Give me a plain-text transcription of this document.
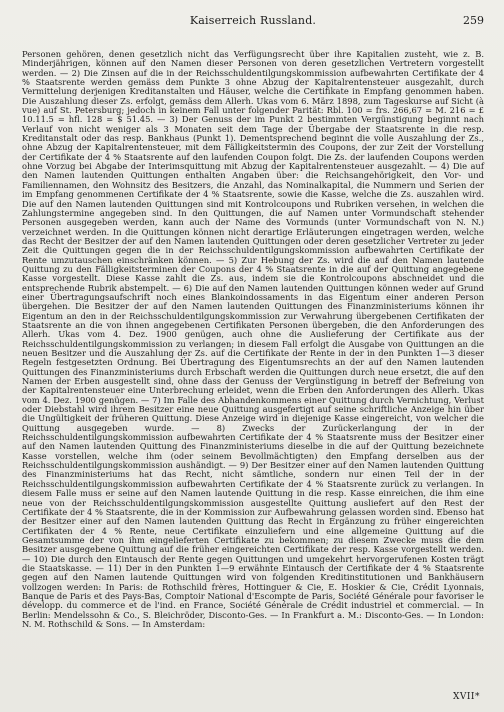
Kaiserreich Russland.	259

Personen gehören, denen gesetzlich nicht das Verfügungsrecht über ihre Kapitalien zusteht, wie z. B. Minderjährigen, können auf den Namen dieser Personen von deren gesetzlichen Vertretern vorgestellt werden. — 2) Die Zinsen auf die in der Reichsschuldentilgungskommission aufbewahrten Certifikate der 4 % Staatsrente werden gemäss dem Punkte 3 ohne Abzug der Kapitalrentensteuer ausgezahlt, durch Vermittelung derjenigen Kreditanstalten und Häuser, welche die Certifikate in Empfang genommen haben. Die Auszahlung dieser Zs. erfolgt, gemäss dem Allerh. Ukas vom 6. März 1898, zum Tageskurse auf Sicht (à vue) auf St. Petersburg; jedoch in keinem Fall unter folgender Parität: Rbl. 100 = frs. 266,67 = M. 216 = £ 10.11.5 = hfl. 128 = $ 51.45. — 3) Der Genuss der im Punkt 2 bestimmten Vergünstigung beginnt nach Verlauf von nicht weniger als 3 Monaten seit dem Tage der Übergabe der Staatsrente in die resp. Kreditanstalt oder das resp. Bankhaus (Punkt 1). Dementsprechend beginnt die volle Auszahlung der Zs., ohne Abzug der Kapitalrentensteuer, mit dem Fälligkeitstermin des Coupons, der zur Zeit der Vorstellung der Certifikate der 4 % Staatsrente auf den laufenden Coupon folgt. Die Zs. der laufenden Coupons werden ohne Vorzug bei Abgabe der Interimsquittung mit Abzug der Kapitalrentensteuer ausgezahlt. — 4) Die auf den Namen lautenden Quittungen enthalten Angaben über: die Reichsangehörigkeit, den Vor- und Familiennamen, den Wohnsitz des Besitzers, die Anzahl, das Nominalkapital, die Nummern und Serien der im Empfang genommenen Certifikate der 4 % Staatsrente, sowie die Kasse, welche die Zs. auszahlen wird. Die auf den Namen lautenden Quittungen sind mit Kontrolcoupons und Rubriken versehen, in welchen die Zahlungstermine angegeben sind. In den Quittungen, die auf Namen unter Vormundschaft stehender Personen ausgegeben werden, kann auch der Name des Vormunds (unter Vormundschaft von N. N.) verzeichnet werden. In die Quittungen können nicht derartige Erläuterungen eingetragen werden, welche das Recht der Besitzer der auf den Namen lautenden Quittungen oder deren gesetzlicher Vertreter zu jeder Zeit die Quittungen gegen die in der Reichsschuldentilgungskommission aufbewahrten Certifikate der Rente umzutauschen einschränken können. — 5) Zur Hebung der Zs. wird die auf den Namen lautende Quittung zu den Fälligkeitsterminen der Coupons der 4 % Staatsrente in die auf der Quittung angegebene Kasse vorgestellt. Diese Kasse zahlt die Zs. aus, indem sie die Kontrolcoupons abschneidet und die entsprechende Rubrik abstempelt. — 6) Die auf den Namen lautenden Quittungen können weder auf Grund einer Übertragungsaufschrift noch eines Blankoindossaments in das Eigentum einer anderen Person übergehen. Die Besitzer der auf den Namen lautenden Quittungen des Finanzministeriums können ihr Eigentum an den in der Reichsschuldentilgungskommission zur Verwahrung übergebenen Certifikaten der Staatsrente an die von ihnen angegebenen Certifikaten Personen übergeben, die den Anforderungen des Allerh. Ukas vom 4. Dez. 1900 genügen, auch ohne die Auslieferung der Certifikate aus der Reichsschuldentilgungskommission zu verlangen; in diesem Fall erfolgt die Ausgabe von Quittungen an die neuen Besitzer und die Auszahlung der Zs. auf die Certifikate der Rente in der in den Punkten 1—3 dieser Regeln festgesetzten Ordnung. Bei Übertragung des Eigentumsrechts an der auf den Namen lautenden Quittungen des Finanzministeriums durch Erbschaft werden die Quittungen durch neue ersetzt, die auf den Namen der Erben ausgestellt sind, ohne dass der Genuss der Vergünstigung in betreff der Befreiung von der Kapitalrentensteuer eine Unterbrechung erleidet, wenn die Erben den Anforderungen des Allerh. Ukas vom 4. Dez. 1900 genügen. — 7) Im Falle des Abhandenkommens einer Quittung durch Vernichtung, Verlust oder Diebstahl wird ihrem Besitzer eine neue Quittung ausgefertigt auf seine schriftliche Anzeige hin über die Ungültigkeit der früheren Quittung. Diese Anzeige wird in diejenige Kasse eingereicht, von welcher die Quittung ausgegeben wurde. — 8) Zwecks der Zurückerlangung der in der Reichsschuldentilgungskommission aufbewahrten Certifikate der 4 % Staatsrente muss der Besitzer einer auf den Namen lautenden Quittung des Finanzministeriums dieselbe in die auf der Quittung bezeichnete Kasse vorstellen, welche ihm (oder seinem Bevollmächtigten) den Empfang derselben aus der Reichsschuldentilgungskommission aushändigt. — 9) Der Besitzer einer auf den Namen lautenden Quittung des Finanzministeriums hat das Recht, nicht sämtliche, sondern nur einen Teil der in der Reichsschuldentilgungskommission aufbewahrten Certifikate der 4 % Staatsrente zurück zu verlangen. In diesem Falle muss er seine auf den Namen lautende Quittung in die resp. Kasse einreichen, die ihm eine neue von der Reichsschuldentilgungskommission ausgestellte Quittung ausliefert auf den Rest der Certifikate der 4 % Staatsrente, die in der Kommission zur Aufbewahrung gelassen worden sind. Ebenso hat der Besitzer einer auf den Namen lautenden Quittung das Recht in Ergänzung zu früher eingereichten Certifikaten der 4 % Rente, neue Certifikate einzuliefern und eine allgemeine Quittung auf die Gesamtsumme der von ihm eingelieferten Certifikate zu bekommen; zu diesem Zwecke muss die dem Besitzer ausgegebene Quittung auf die früher eingereichten Certifikate der resp. Kasse vorgestellt werden. — 10) Die durch den Eintausch der Rente gegen Quittungen und umgekehrt hervorgerufenen Kosten trägt die Staatskasse. — 11) Der in den Punkten 1—9 erwähnte Eintausch der Certifikate der 4 % Staatsrente gegen auf den Namen lautende Quittungen wird von folgenden Kreditinstitutionen und Bankhäusern vollzogen werden: In Paris: de Rothschild frères, Hottinguer & Cie, E. Hoskier & Cie, Crédit Lyonnais, Banque de Paris et des Pays-Bas, Comptoir National d'Escompte de Paris, Société Générale pour favoriser le développ. du commerce et de l'ind. en France, Société Générale de Crédit industriel et commercial. — In Berlin: Mendelssohn & Co., S. Bleichröder, Disconto-Ges. — In Frankfurt a. M.: Disconto-Ges. — In London: N. M. Rothschild & Sons. — In Amsterdam:

XVII*
